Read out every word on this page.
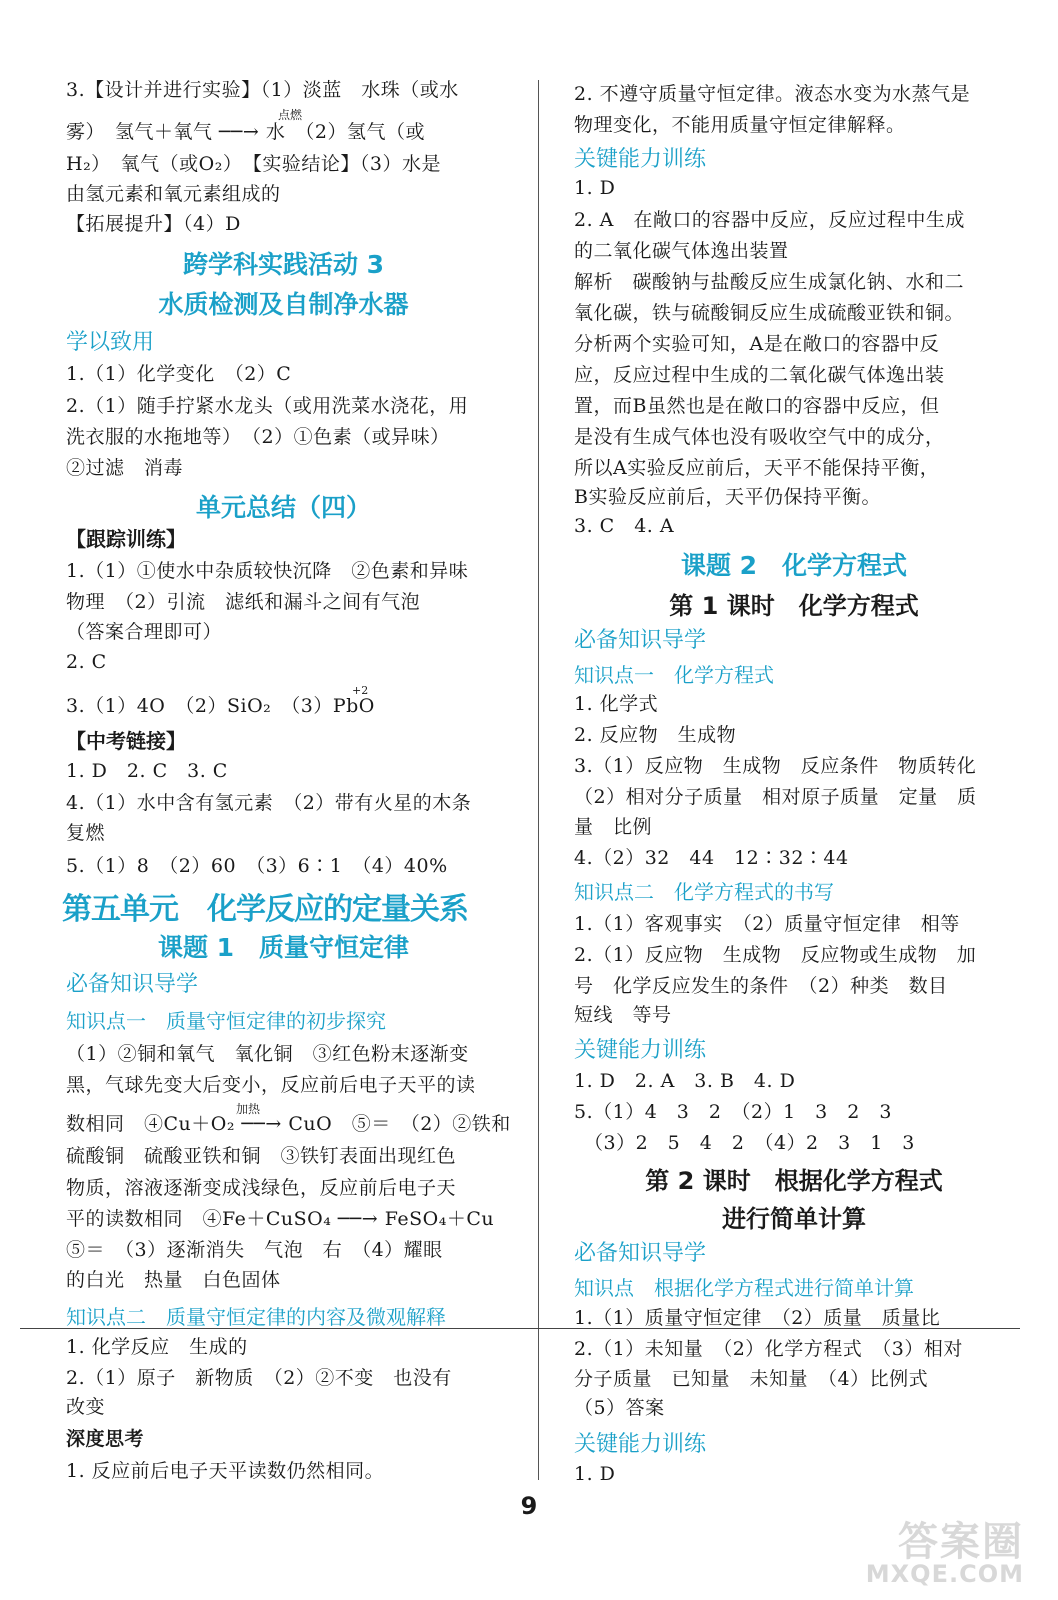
3.【设计并进行实验】（1）淡蓝　水珠（或水
雾）　氢气＋氧气 ──→ 水　（2）氢气（或
点燃
H₂）　氧气（或O₂）　【实验结论】（3）水是
由氢元素和氧元素组成的
【拓展提升】（4）D
跨学科实践活动 3
水质检测及自制净水器
学以致用
1.（1）化学变化　（2）C
2.（1）随手拧紧水龙头（或用洗菜水浇花，用
洗衣服的水拖地等）　（2）①色素（或异味）
②过滤　消毒
单元总结（四）
【跟踪训练】
1.（1）①使水中杂质较快沉降　②色素和异味
物理　（2）引流　滤纸和漏斗之间有气泡
（答案合理即可）
2. C
+2
3.（1）4O　（2）SiO₂　（3）PbO
【中考链接】
1. D　2. C　3. C
4.（1）水中含有氢元素　（2）带有火星的木条
复燃
5.（1）8　（2）60　（3）6∶1　（4）40%
第五单元　化学反应的定量关系
课题 1　质量守恒定律
必备知识导学
知识点一　质量守恒定律的初步探究
（1）②铜和氧气　氧化铜　③红色粉末逐渐变
黑，气球先变大后变小，反应前后电子天平的读
加热
数相同　④Cu＋O₂ ──→ CuO　⑤＝　（2）②铁和
硫酸铜　硫酸亚铁和铜　③铁钉表面出现红色
物质，溶液逐渐变成浅绿色，反应前后电子天
平的读数相同　④Fe＋CuSO₄ ──→ FeSO₄＋Cu
⑤＝　（3）逐渐消失　气泡　右　（4）耀眼
的白光　热量　白色固体
知识点二　质量守恒定律的内容及微观解释
1. 化学反应　生成的
2.（1）原子　新物质　（2）②不变　也没有
改变
深度思考
1. 反应前后电子天平读数仍然相同。
2. 不遵守质量守恒定律。液态水变为水蒸气是
物理变化，不能用质量守恒定律解释。
关键能力训练
1. D
2. A　在敞口的容器中反应，反应过程中生成
的二氧化碳气体逸出装置
解析　碳酸钠与盐酸反应生成氯化钠、水和二
氧化碳，铁与硫酸铜反应生成硫酸亚铁和铜。
分析两个实验可知，A是在敞口的容器中反
应，反应过程中生成的二氧化碳气体逸出装
置，而B虽然也是在敞口的容器中反应，但
是没有生成气体也没有吸收空气中的成分，
所以A实验反应前后，天平不能保持平衡，
B实验反应前后，天平仍保持平衡。
3. C　4. A
课题 2　化学方程式
第 1 课时　化学方程式
必备知识导学
知识点一　化学方程式
1. 化学式
2. 反应物　生成物
3.（1）反应物　生成物　反应条件　物质转化
（2）相对分子质量　相对原子质量　定量　质
量　比例
4.（2）32　44　12∶32∶44
知识点二　化学方程式的书写
1.（1）客观事实　（2）质量守恒定律　相等
2.（1）反应物　生成物　反应物或生成物　加
号　化学反应发生的条件　（2）种类　数目
短线　等号
关键能力训练
1. D　2. A　3. B　4. D
5.（1）4　3　2　（2）1　3　2　3
　（3）2　5　4　2　（4）2　3　1　3
第 2 课时　根据化学方程式
进行简单计算
必备知识导学
知识点　根据化学方程式进行简单计算
1.（1）质量守恒定律　（2）质量　质量比
2.（1）未知量　（2）化学方程式　（3）相对
分子质量　已知量　未知量　（4）比例式
（5）答案
关键能力训练
1. D
9
答案圈
MXQE.COM
